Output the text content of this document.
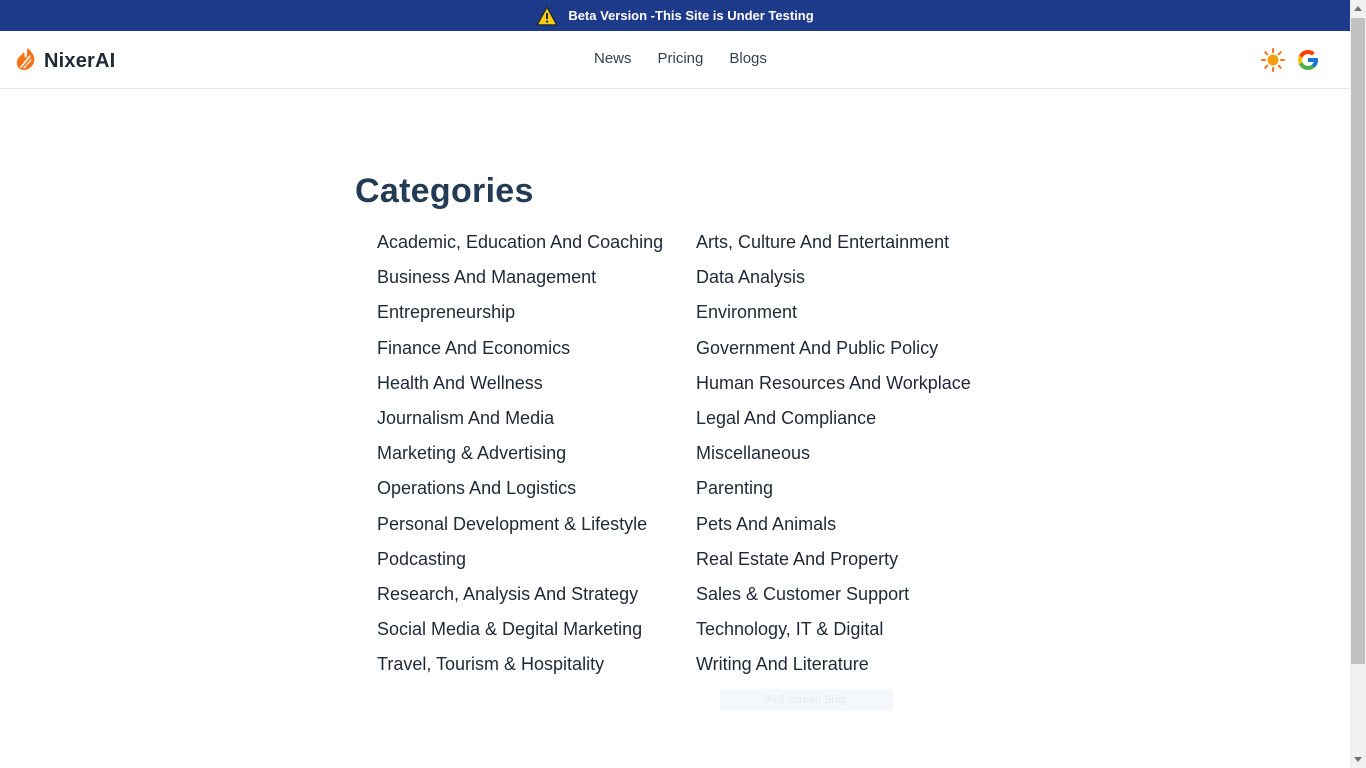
Beta Version -This Site is Under Testing
NixerAI	News Pricing Blogs
Categories
Academic, Education And Coaching	Arts, Culture And Entertainment
Business And Management	Data Analysis
Entrepreneurship	Environment
Finance And Economics	Government And Public Policy
Health And Wellness	Human Resources And Workplace
Journalism And Media	Legal And Compliance
Marketing & Advertising	Miscellaneous
Operations And Logistics	Parenting
Personal Development & Lifestyle	Pets And Animals
Podcasting	Real Estate And Property
Research, Analysis And Strategy	Sales & Customer Support
Social Media & Degital Marketing	Technology, IT & Digital
Travel, Tourism & Hospitality	Writing And Literature
Full-screen Snip
